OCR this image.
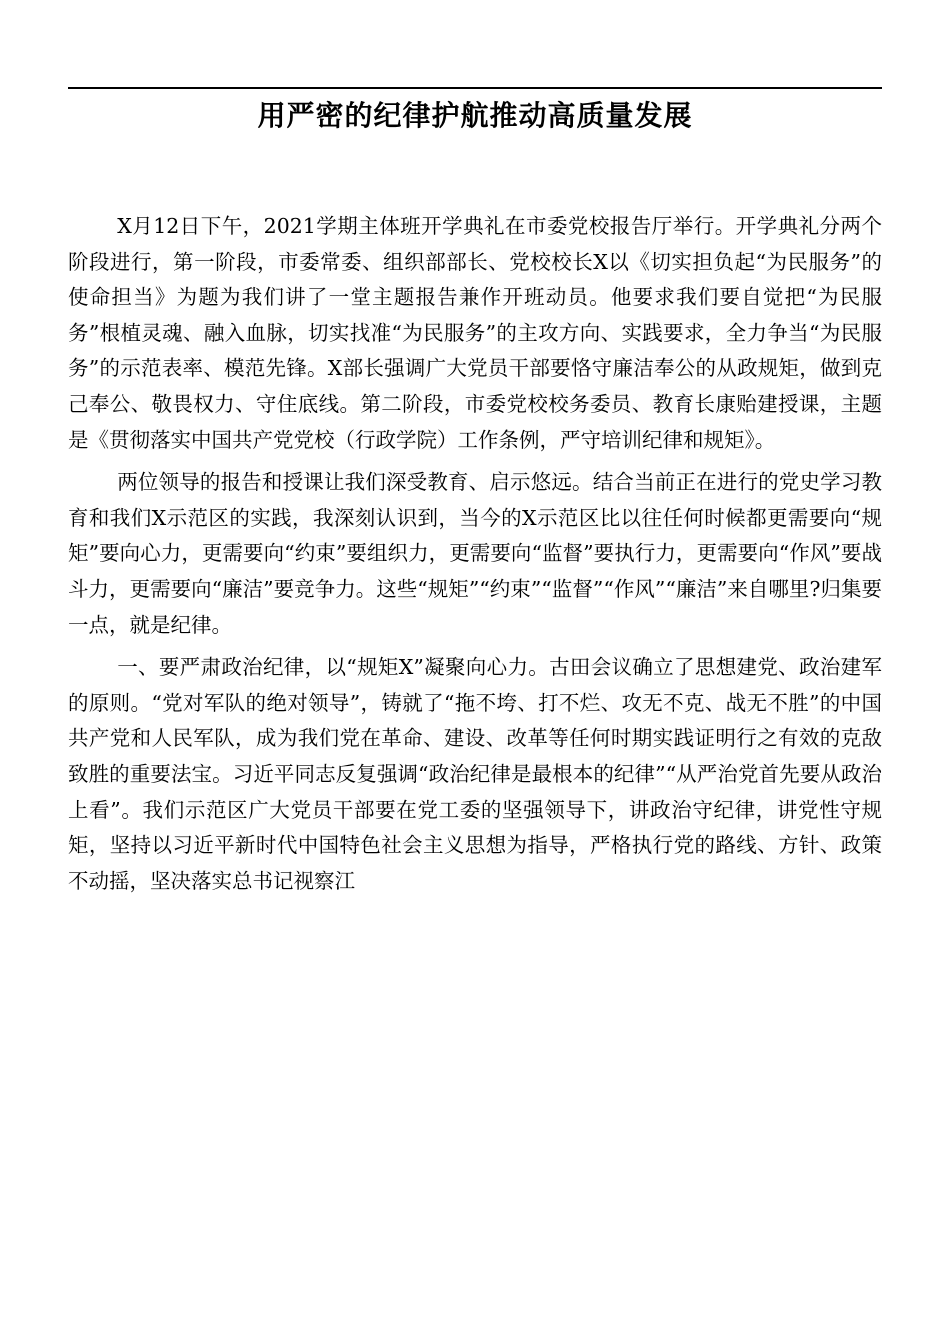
用严密的纪律护航推动高质量发展

X月12日下午，2021学期主体班开学典礼在市委党校报告厅举行。开学典礼分两个阶段进行，第一阶段，市委常委、组织部部长、党校校长X以《切实担负起“为民服务”的使命担当》为题为我们讲了一堂主题报告兼作开班动员。他要求我们要自觉把“为民服务”根植灵魂、融入血脉，切实找准“为民服务”的主攻方向、实践要求，全力争当“为民服务”的示范表率、模范先锋。X部长强调广大党员干部要恪守廉洁奉公的从政规矩，做到克己奉公、敬畏权力、守住底线。第二阶段，市委党校校务委员、教育长康贻建授课，主题是《贯彻落实中国共产党党校（行政学院）工作条例，严守培训纪律和规矩》。

两位领导的报告和授课让我们深受教育、启示悠远。结合当前正在进行的党史学习教育和我们X示范区的实践，我深刻认识到，当今的X示范区比以往任何时候都更需要向“规矩”要向心力，更需要向“约束”要组织力，更需要向“监督”要执行力，更需要向“作风”要战斗力，更需要向“廉洁”要竞争力。这些“规矩”“约束”“监督”“作风”“廉洁”来自哪里?归集要一点，就是纪律。

一、要严肃政治纪律，以“规矩X”凝聚向心力。古田会议确立了思想建党、政治建军的原则。“党对军队的绝对领导”，铸就了“拖不垮、打不烂、攻无不克、战无不胜”的中国共产党和人民军队，成为我们党在革命、建设、改革等任何时期实践证明行之有效的克敌致胜的重要法宝。习近平同志反复强调“政治纪律是最根本的纪律”“从严治党首先要从政治上看”。我们示范区广大党员干部要在党工委的坚强领导下，讲政治守纪律，讲党性守规矩，坚持以习近平新时代中国特色社会主义思想为指导，严格执行党的路线、方针、政策不动摇，坚决落实总书记视察江
